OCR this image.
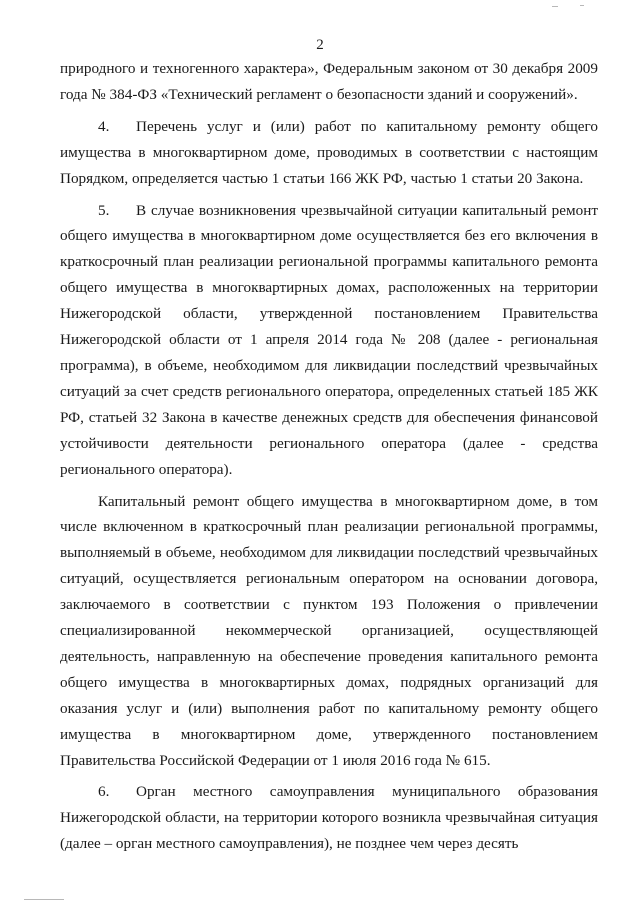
2

природного и техногенного характера», Федеральным законом от 30 декабря 2009 года № 384-ФЗ «Технический регламент о безопасности зданий и сооружений».

4. Перечень услуг и (или) работ по капитальному ремонту общего имущества в многоквартирном доме, проводимых в соответствии с настоящим Порядком, определяется частью 1 статьи 166 ЖК РФ, частью 1 статьи 20 Закона.

5. В случае возникновения чрезвычайной ситуации капитальный ремонт общего имущества в многоквартирном доме осуществляется без его включения в краткосрочный план реализации региональной программы капитального ремонта общего имущества в многоквартирных домах, расположенных на территории Нижегородской области, утвержденной постановлением Правительства Нижегородской области от 1 апреля 2014 года № 208 (далее - региональная программа), в объеме, необходимом для ликвидации последствий чрезвычайных ситуаций за счет средств регионального оператора, определенных статьей 185 ЖК РФ, статьей 32 Закона в качестве денежных средств для обеспечения финансовой устойчивости деятельности регионального оператора (далее - средства регионального оператора).

Капитальный ремонт общего имущества в многоквартирном доме, в том числе включенном в краткосрочный план реализации региональной программы, выполняемый в объеме, необходимом для ликвидации последствий чрезвычайных ситуаций, осуществляется региональным оператором на основании договора, заключаемого в соответствии с пунктом 193 Положения о привлечении специализированной некоммерческой организацией, осуществляющей деятельность, направленную на обеспечение проведения капитального ремонта общего имущества в многоквартирных домах, подрядных организаций для оказания услуг и (или) выполнения работ по капитальному ремонту общего имущества в многоквартирном доме, утвержденного постановлением Правительства Российской Федерации от 1 июля 2016 года № 615.

6. Орган местного самоуправления муниципального образования Нижегородской области, на территории которого возникла чрезвычайная ситуация (далее – орган местного самоуправления), не позднее чем через десять
